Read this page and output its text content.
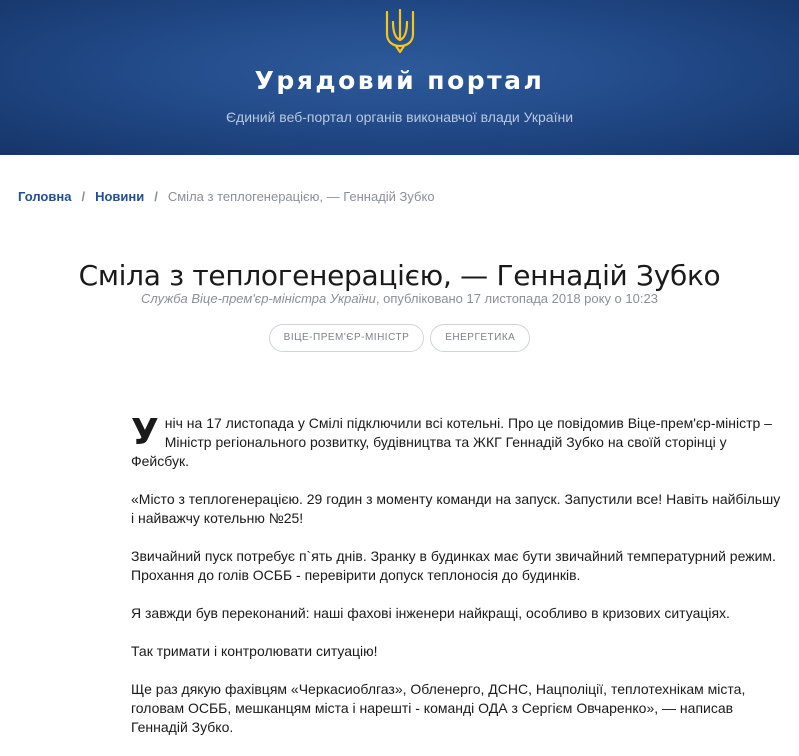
Урядовий портал
Єдиний веб-портал органів виконавчої влади України
Головна / Новини / Сміла з теплогенерацією, — Геннадій Зубко
Сміла з теплогенерацією, — Геннадій Зубко
Служба Віце-прем'єр-міністра України, опубліковано 17 листопада 2018 року о 10:23
ВІЦЕ-ПРЕМ'ЄР-МІНІСТР	ЕНЕРГЕТИКА

Уніч на 17 листопада у Смілі підключили всі котельні. Про це повідомив Віце-прем'єр-міністр – Міністр регіонального розвитку, будівництва та ЖКГ Геннадій Зубко на своїй сторінці у Фейсбук.

«Місто з теплогенерацією. 29 годин з моменту команди на запуск. Запустили все! Навіть найбільшу і найважчу котельню №25!

Звичайний пуск потребує п`ять днів. Зранку в будинках має бути звичайний температурний режим. Прохання до голів ОСББ - перевірити допуск теплоносія до будинків.

Я завжди був переконаний: наші фахові інженери найкращі, особливо в кризових ситуаціях.

Так тримати і контролювати ситуацію!

Ще раз дякую фахівцям «Черкасиоблгаз», Обленерго, ДСНС, Нацполіції, теплотехнікам міста, головам ОСББ, мешканцям міста і нарешті - команді ОДА з Сергієм Овчаренко», — написав Геннадій Зубко.
